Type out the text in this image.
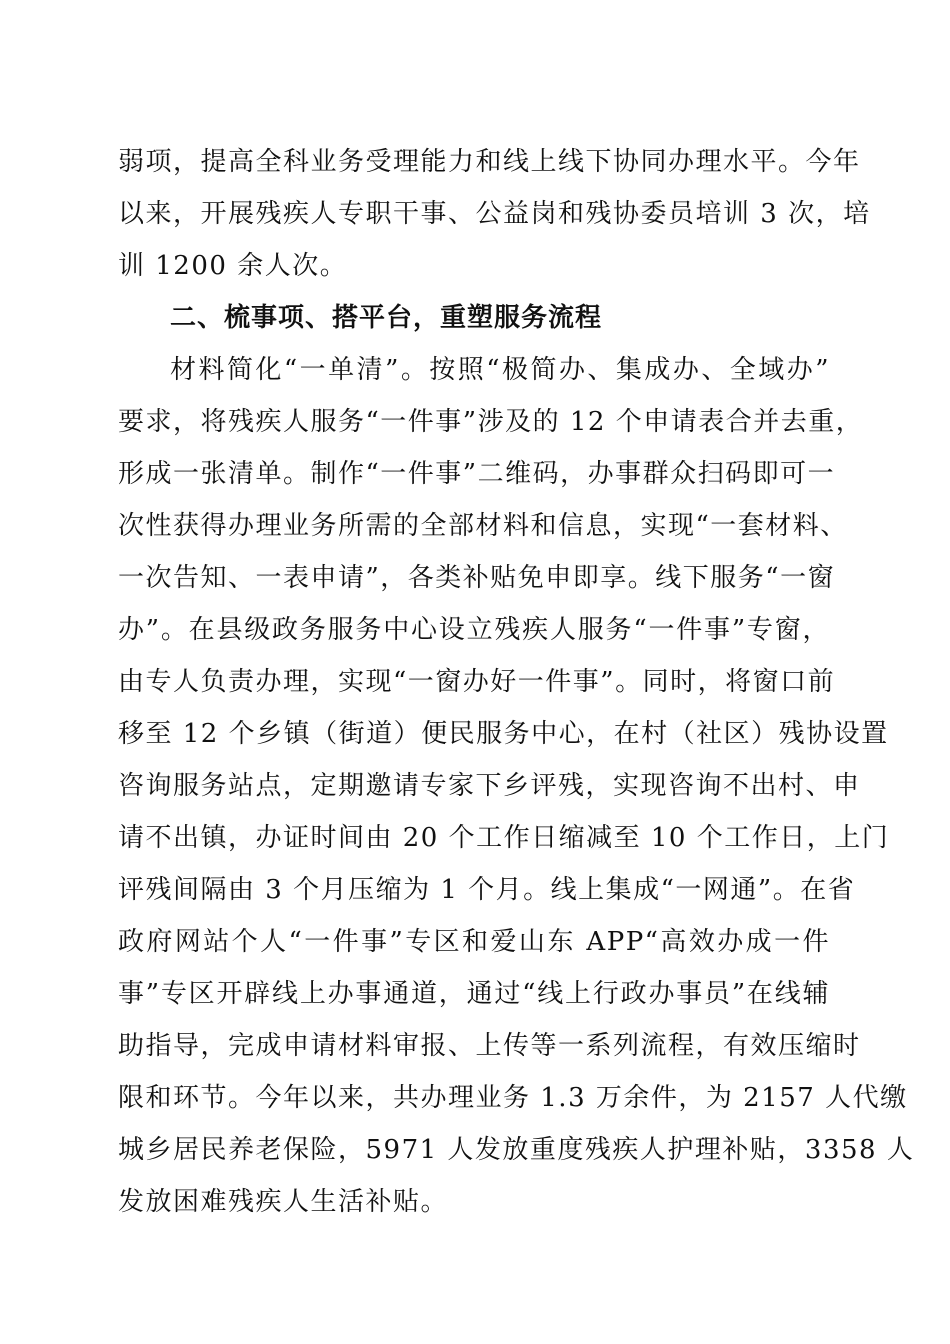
弱项，提高全科业务受理能力和线上线下协同办理水平。今年
以来，开展残疾人专职干事、公益岗和残协委员培训 3 次，培
训 1200 余人次。
二、梳事项、搭平台，重塑服务流程
材料简化“一单清”。按照“极简办、集成办、全域办”
要求，将残疾人服务“一件事”涉及的 12 个申请表合并去重，
形成一张清单。制作“一件事”二维码，办事群众扫码即可一
次性获得办理业务所需的全部材料和信息，实现“一套材料、
一次告知、一表申请”，各类补贴免申即享。线下服务“一窗
办”。在县级政务服务中心设立残疾人服务“一件事”专窗，
由专人负责办理，实现“一窗办好一件事”。同时，将窗口前
移至 12 个乡镇（街道）便民服务中心，在村（社区）残协设置
咨询服务站点，定期邀请专家下乡评残，实现咨询不出村、申
请不出镇，办证时间由 20 个工作日缩减至 10 个工作日，上门
评残间隔由 3 个月压缩为 1 个月。线上集成“一网通”。在省
政府网站个人“一件事”专区和爱山东 APP“高效办成一件
事”专区开辟线上办事通道，通过“线上行政办事员”在线辅
助指导，完成申请材料审报、上传等一系列流程，有效压缩时
限和环节。今年以来，共办理业务 1.3 万余件，为 2157 人代缴
城乡居民养老保险，5971 人发放重度残疾人护理补贴，3358 人
发放困难残疾人生活补贴。
